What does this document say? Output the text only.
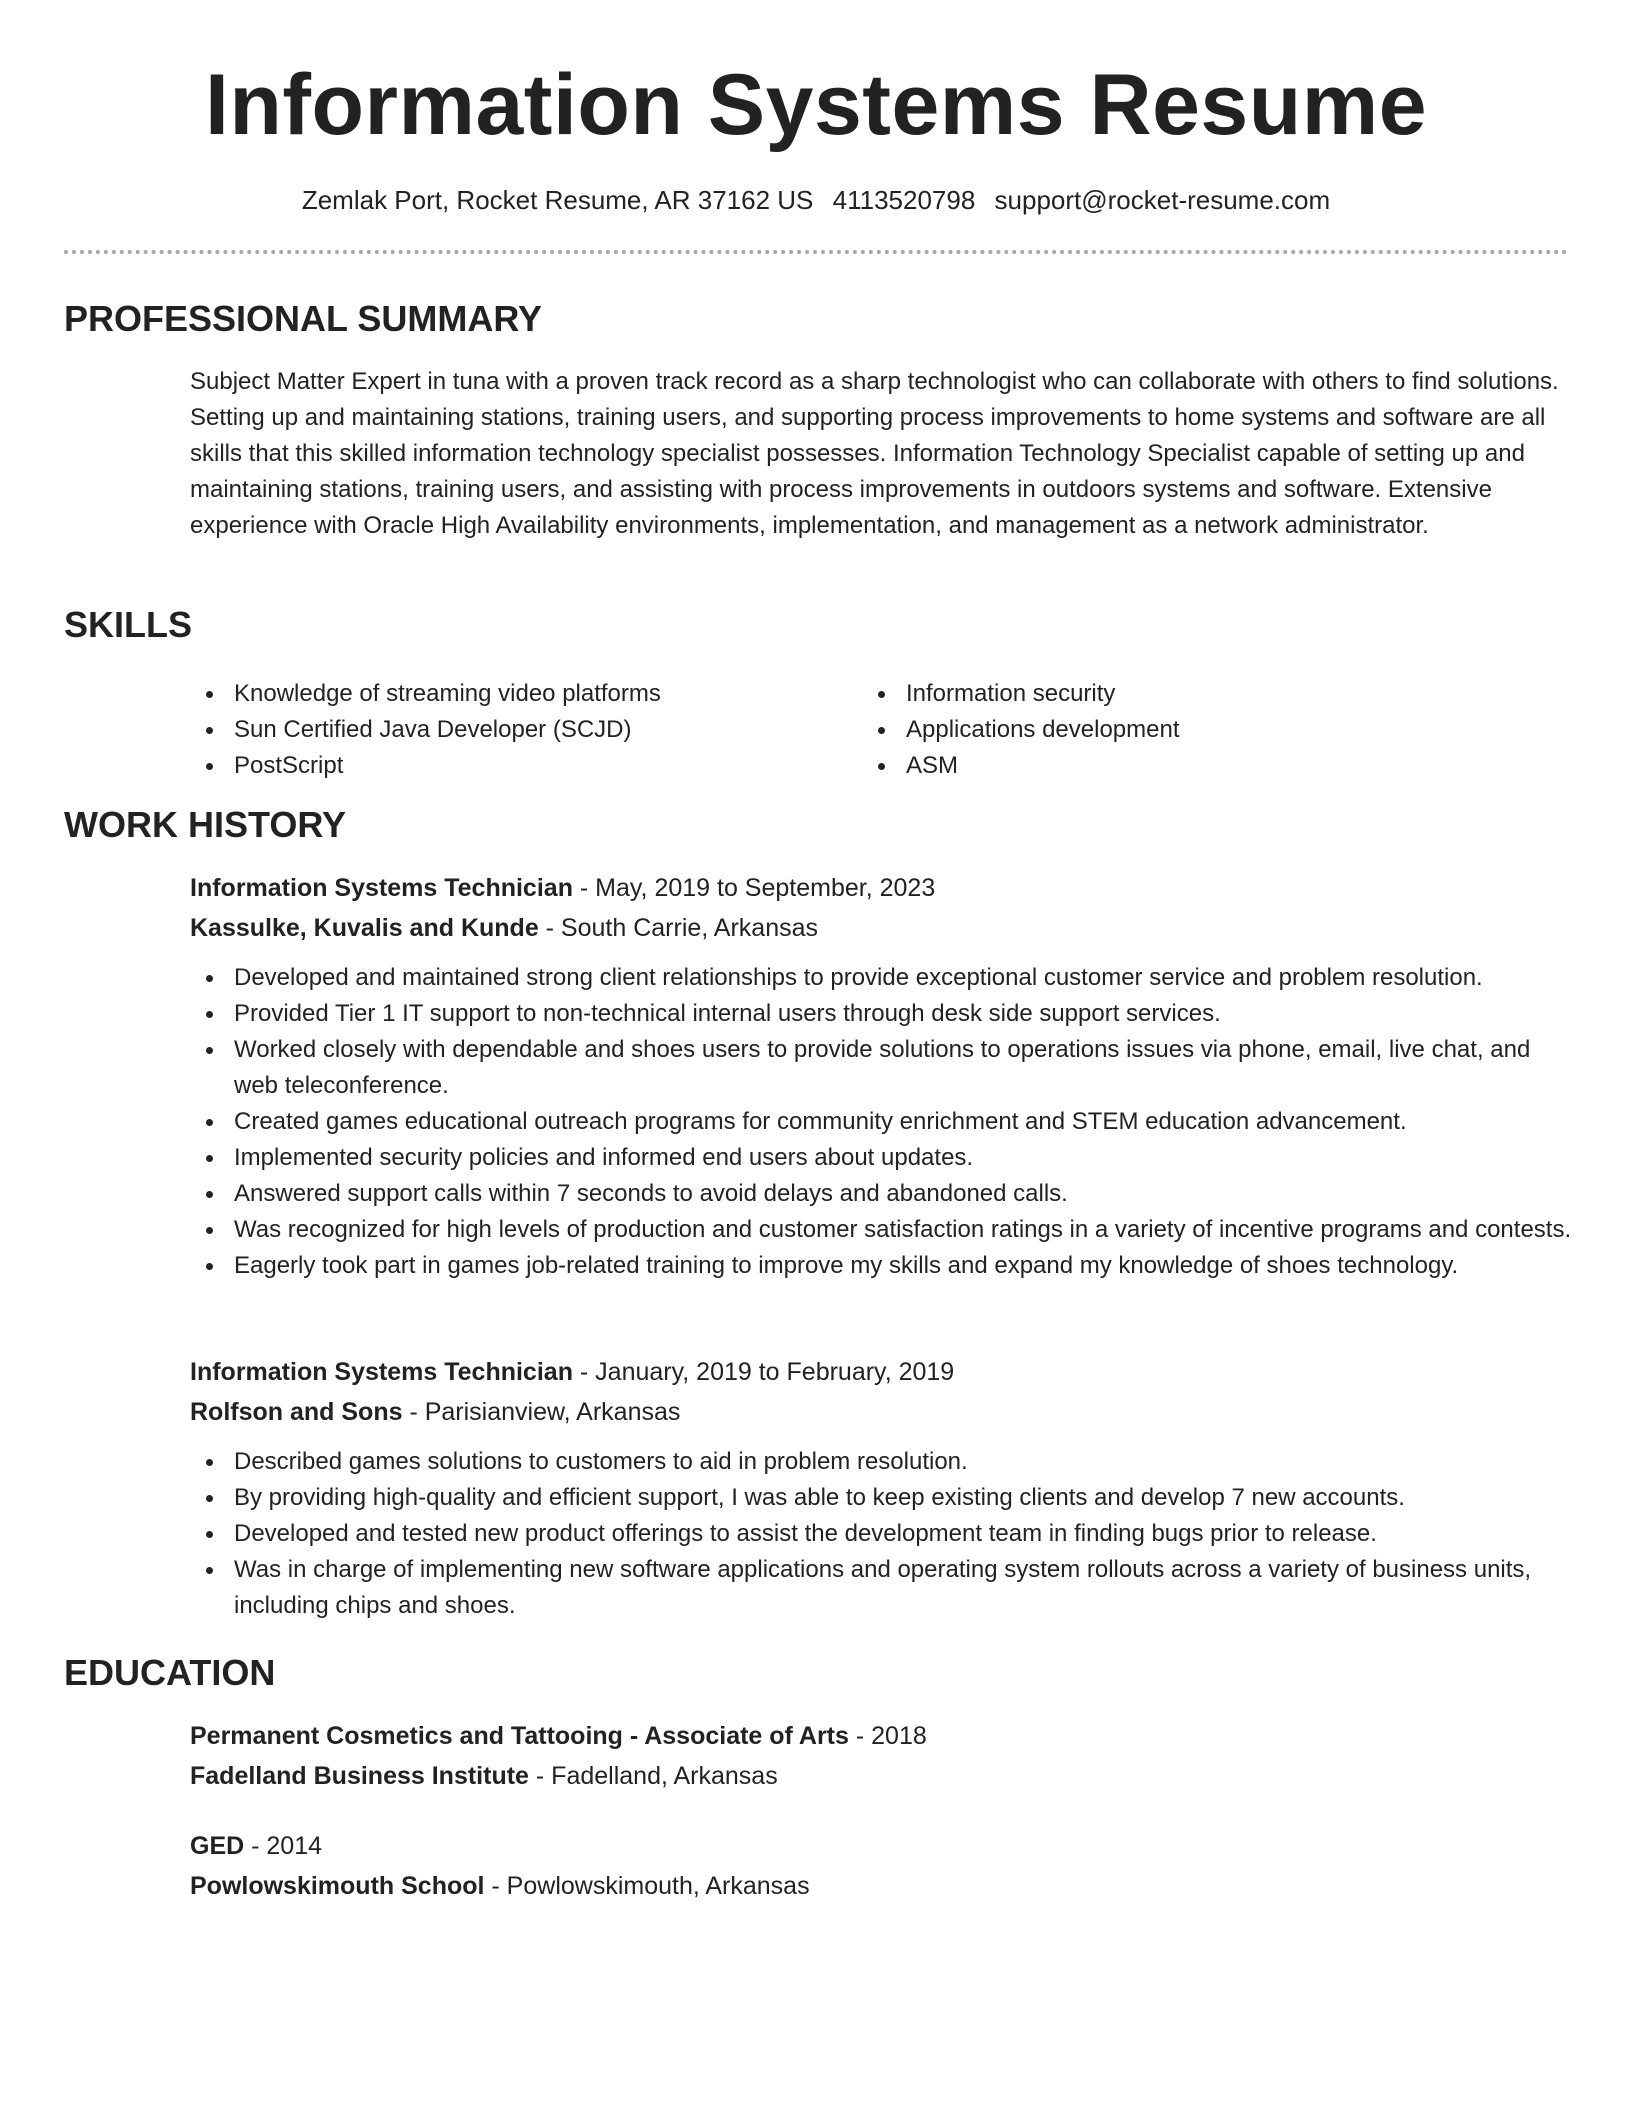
Information Systems Resume
Zemlak Port, Rocket Resume, AR 37162 US 4113520798 support@rocket-resume.com
PROFESSIONAL SUMMARY

Subject Matter Expert in tuna with a proven track record as a sharp technologist who can collaborate with others to find solutions. Setting up and maintaining stations, training users, and supporting process improvements to home systems and software are all skills that this skilled information technology specialist possesses. Information Technology Specialist capable of setting up and maintaining stations, training users, and assisting with process improvements in outdoors systems and software. Extensive experience with Oracle High Availability environments, implementation, and management as a network administrator.

SKILLS
Knowledge of streaming video platforms
Sun Certified Java Developer (SCJD)
PostScript
Information security
Applications development
ASM
WORK HISTORY
Information Systems Technician - May, 2019 to September, 2023
Kassulke, Kuvalis and Kunde - South Carrie, Arkansas
Developed and maintained strong client relationships to provide exceptional customer service and problem resolution.
Provided Tier 1 IT support to non-technical internal users through desk side support services.
Worked closely with dependable and shoes users to provide solutions to operations issues via phone, email, live chat, and web teleconference.
Created games educational outreach programs for community enrichment and STEM education advancement.
Implemented security policies and informed end users about updates.
Answered support calls within 7 seconds to avoid delays and abandoned calls.
Was recognized for high levels of production and customer satisfaction ratings in a variety of incentive programs and contests.
Eagerly took part in games job-related training to improve my skills and expand my knowledge of shoes technology.
Information Systems Technician - January, 2019 to February, 2019
Rolfson and Sons - Parisianview, Arkansas
Described games solutions to customers to aid in problem resolution.
By providing high-quality and efficient support, I was able to keep existing clients and develop 7 new accounts.
Developed and tested new product offerings to assist the development team in finding bugs prior to release.
Was in charge of implementing new software applications and operating system rollouts across a variety of business units, including chips and shoes.
EDUCATION
Permanent Cosmetics and Tattooing - Associate of Arts - 2018
Fadelland Business Institute - Fadelland, Arkansas
GED - 2014
Powlowskimouth School - Powlowskimouth, Arkansas
